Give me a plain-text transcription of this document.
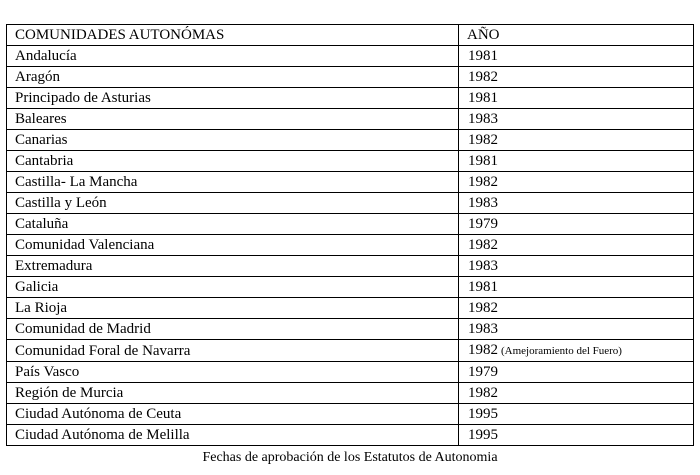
COMUNIDADES AUTONÓMAS	AÑO
Andalucía	1981
Aragón	1982
Principado de Asturias	1981
Baleares	1983
Canarias	1982
Cantabria	1981
Castilla- La Mancha	1982
Castilla y León	1983
Cataluña	1979
Comunidad Valenciana	1982
Extremadura	1983
Galicia	1981
La Rioja	1982
Comunidad de Madrid	1983
Comunidad Foral de Navarra	1982 (Amejoramiento del Fuero)
País Vasco	1979
Región de Murcia	1982
Ciudad Autónoma de Ceuta	1995
Ciudad Autónoma de Melilla	1995
Fechas de aprobación de los Estatutos de Autonomia
